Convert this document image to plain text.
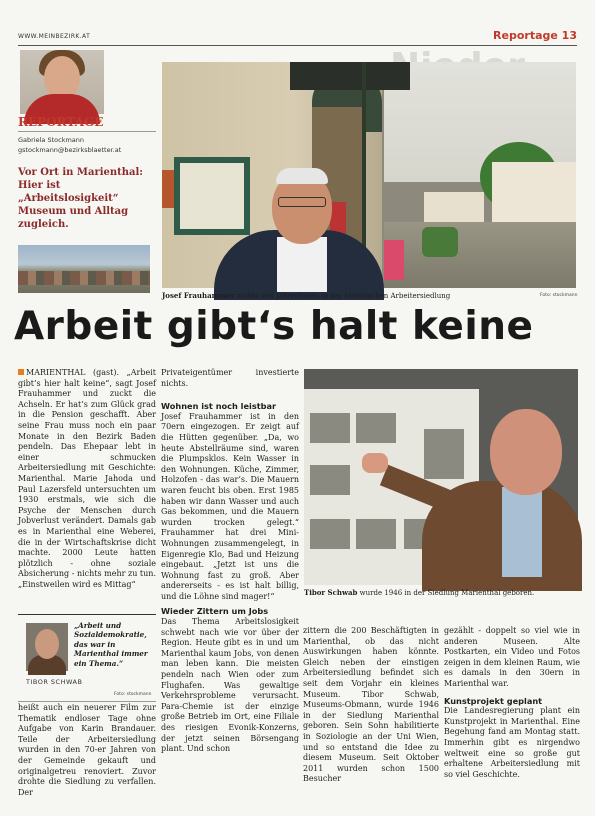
WWW.MEINBEZIRK.AT	Reportage 13
REPORTAGE
Gabriela Stockmann
gstockmann@bezirksblaetter.at
Vor Ort in Marienthal: Hier ist „Arbeitslosigkeit“ Museum und Alltag zugleich.
Josef Frauhammer wohnt seit Jahrzehnten in der historischen Arbeitersiedlung	Foto: stockmann
Arbeit gibt‘s halt keine
MARIENTHAL (gast). „Arbeit gibt’s hier halt keine“, sagt Josef Frauhammer und zuckt die Achseln. Er hat’s zum Glück grad in die Pension geschafft. Aber seine Frau muss noch ein paar Monate in den Bezirk Baden pendeln. Das Ehepaar lebt in einer schmucken Arbeitersiedlung mit Geschichte: Marienthal. Marie Jahoda und Paul Lazersfeld untersuchten um 1930 erstmals, wie sich die Psyche der Menschen durch Jobverlust verändert. Damals gab es in Marienthal eine Weberei, die in der Wirtschaftskrise dicht machte. 2000 Leute hatten plötzlich - ohne soziale Absicherung - nichts mehr zu tun. „Einstweilen wird es Mittag“
„Arbeit und Sozialdemokratie, das war in Marienthal immer ein Thema.“
TIBOR SCHWAB
Foto: stockmann
heißt auch ein neuerer Film zur Thematik endloser Tage ohne Aufgabe von Karin Brandauer. Teile der Arbeitersiedlung wurden in den 70-er Jahren von der Gemeinde gekauft und originalgetreu renoviert. Zuvor drohte die Siedlung zu verfallen. Der
Privateigentümer investierte nichts.
Wohnen ist noch leistbar
Josef Frauhammer ist in den 70ern eingezogen. Er zeigt auf die Hütten gegenüber. „Da, wo heute Abstellräume sind, waren die Plumpsklos. Kein Wasser in den Wohnungen. Küche, Zimmer, Holzofen - das war’s. Die Mauern waren feucht bis oben. Erst 1985 haben wir dann Wasser und auch Gas bekommen, und die Mauern wurden trocken gelegt.“ Frauhammer hat drei Mini-Wohnungen zusammengelegt, in Eigenregie Klo, Bad und Heizung eingebaut. „Jetzt ist uns die Wohnung fast zu groß. Aber andererseits - es ist halt billig, und die Löhne sind mager!“
Wieder Zittern um Jobs
Das Thema Arbeitslosigkeit schwebt nach wie vor über der Region. Heute gibt es in und um Marienthal kaum Jobs, von denen man leben kann. Die meisten pendeln nach Wien oder zum Flughafen. Was gewaltige Verkehrsprobleme verursacht. Para-Chemie ist der einzige große Betrieb im Ort, eine Filiale des riesigen Evonik-Konzerns, der jetzt seinen Börsengang plant. Und schon
Tibor Schwab wurde 1946 in der Siedlung Marienthal geboren.
zittern die 200 Beschäftigten in Marienthal, ob das nicht Auswirkungen haben könnte. Gleich neben der einstigen Arbeitersiedlung befindet sich seit dem Vorjahr ein kleines Museum. Tibor Schwab, Museums-Obmann, wurde 1946 in der Siedlung Marienthal geboren. Sein Sohn habilitierte in Soziologie an der Uni Wien, und so entstand die Idee zu diesem Museum. Seit Oktober 2011 wurden schon 1500 Besucher
gezählt - doppelt so viel wie in anderen Museen. Alte Postkarten, ein Video und Fotos zeigen in dem kleinen Raum, wie es damals in den 30ern in Marienthal war.
Kunstprojekt geplant
Die Landesregierung plant ein Kunstprojekt in Marienthal. Eine Begehung fand am Montag statt. Immerhin gibt es nirgendwo weltweit eine so große gut erhaltene Arbeitersiedlung mit so viel Geschichte.
